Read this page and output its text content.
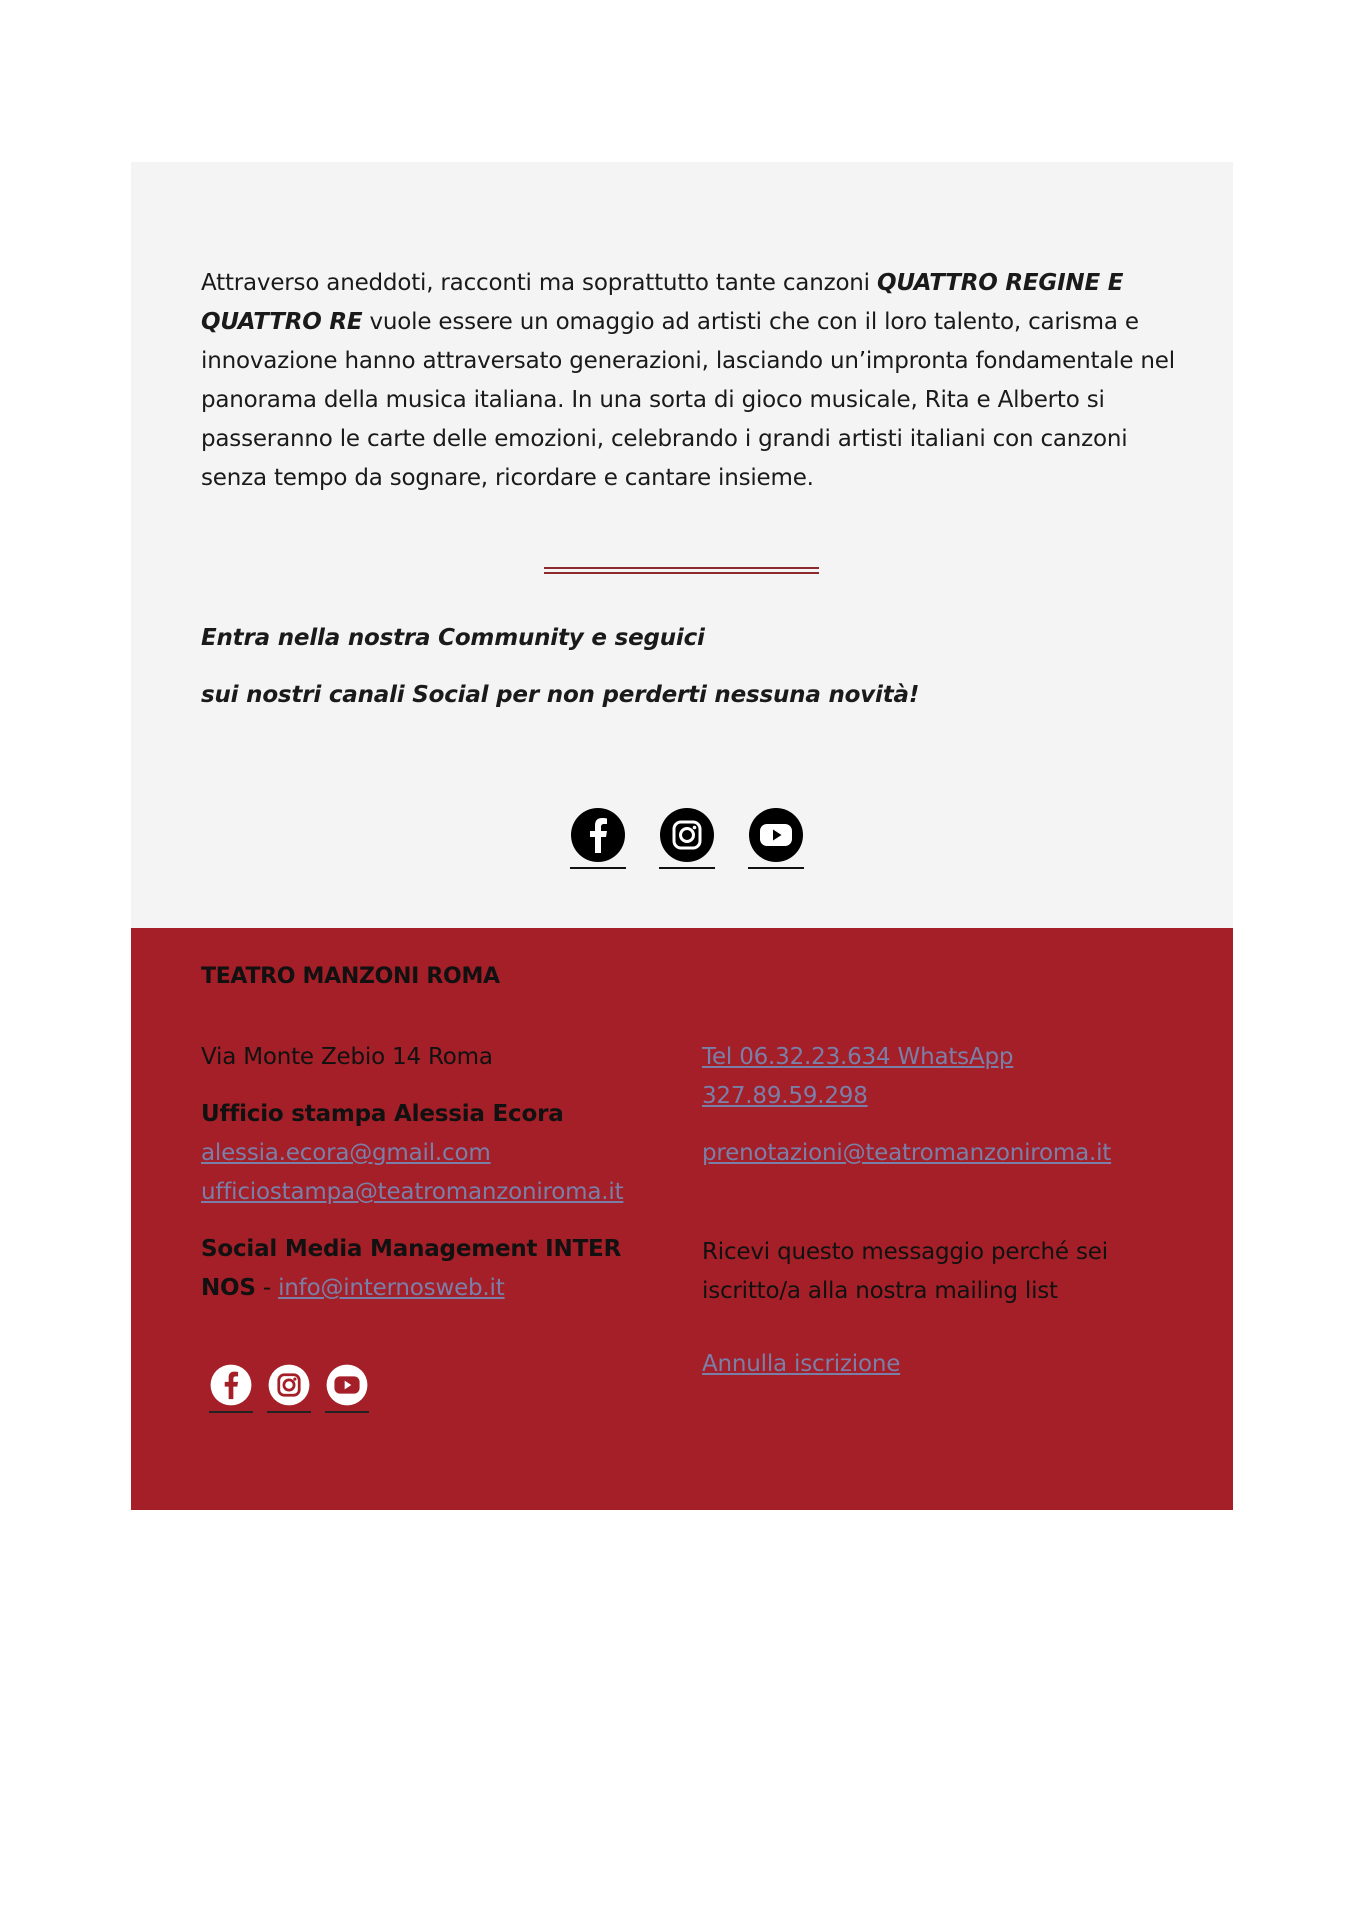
Attraverso aneddoti, racconti ma soprattutto tante canzoni QUATTRO REGINE E QUATTRO RE vuole essere un omaggio ad artisti che con il loro talento, carisma e innovazione hanno attraversato generazioni, lasciando un’impronta fondamentale nel panorama della musica italiana. In una sorta di gioco musicale, Rita e Alberto si passeranno le carte delle emozioni, celebrando i grandi artisti italiani con canzoni senza tempo da sognare, ricordare e cantare insieme.

Entra nella nostra Community e seguici

sui nostri canali Social per non perderti nessuna novità!

TEATRO MANZONI ROMA

Via Monte Zebio 14 Roma

Ufficio stampa Alessia Ecora

alessia.ecora@gmail.com

ufficiostampa@teatromanzoniroma.it

Social Media Management INTER NOS - info@internosweb.it

Tel 06.32.23.634 WhatsApp 327.89.59.298

prenotazioni@teatromanzoniroma.it

Ricevi questo messaggio perché sei iscritto/a alla nostra mailing list

Annulla iscrizione
